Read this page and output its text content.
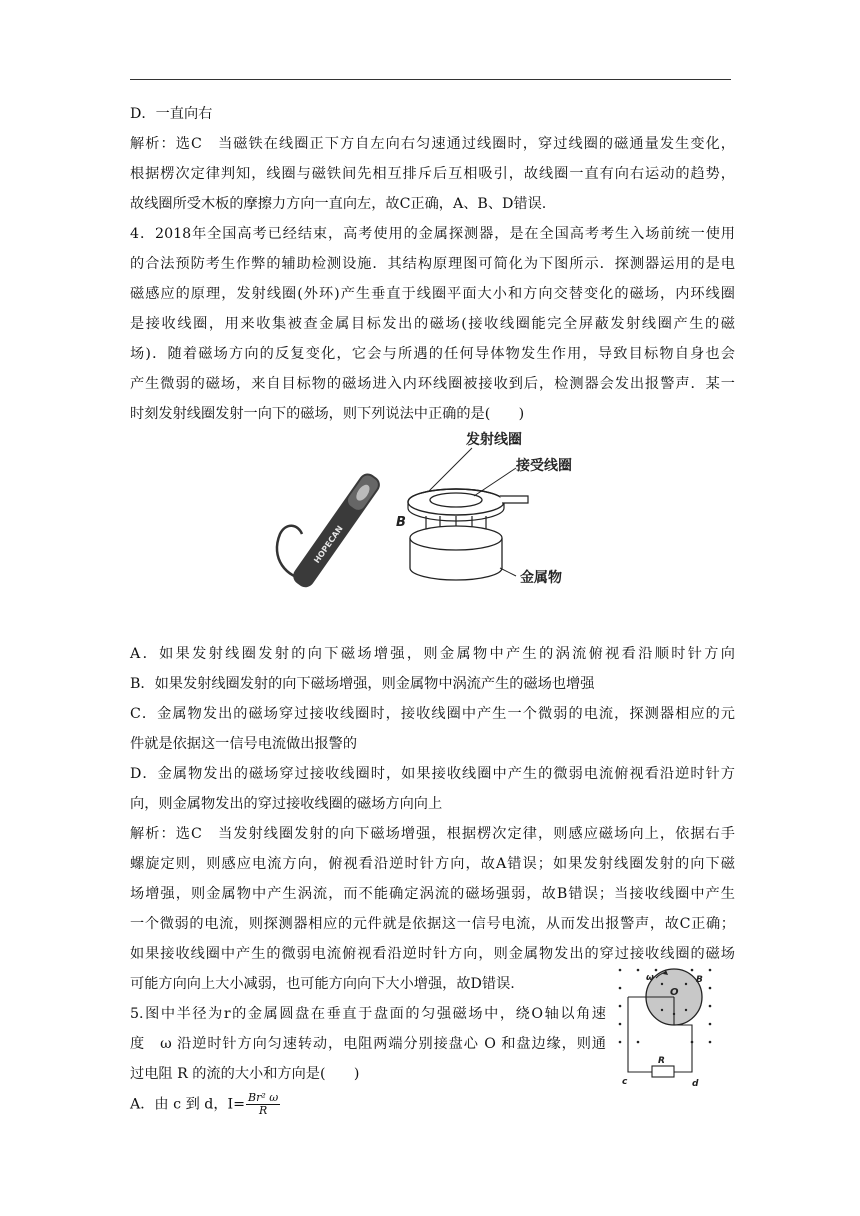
D．一直向右
解析：选C　当磁铁在线圈正下方自左向右匀速通过线圈时，穿过线圈的磁通量发生变化，
根据楞次定律判知，线圈与磁铁间先相互排斥后互相吸引，故线圈一直有向右运动的趋势，
故线圈所受木板的摩擦力方向一直向左，故C正确，A、B、D错误.
4．2018年全国高考已经结束，高考使用的金属探测器，是在全国高考考生入场前统一使用
的合法预防考生作弊的辅助检测设施．其结构原理图可简化为下图所示．探测器运用的是电
磁感应的原理，发射线圈(外环)产生垂直于线圈平面大小和方向交替变化的磁场，内环线圈
是接收线圈，用来收集被查金属目标发出的磁场(接收线圈能完全屏蔽发射线圈产生的磁
场)．随着磁场方向的反复变化，它会与所遇的任何导体物发生作用，导致目标物自身也会
产生微弱的磁场，来自目标物的磁场进入内环线圈被接收到后，检测器会发出报警声．某一
时刻发射线圈发射一向下的磁场，则下列说法中正确的是(　　)
HOPECAN
发射线圈
接受线圈
B
金属物
A．如果发射线圈发射的向下磁场增强，则金属物中产生的涡流俯视看沿顺时针方向
B．如果发射线圈发射的向下磁场增强，则金属物中涡流产生的磁场也增强
C．金属物发出的磁场穿过接收线圈时，接收线圈中产生一个微弱的电流，探测器相应的元
件就是依据这一信号电流做出报警的
D．金属物发出的磁场穿过接收线圈时，如果接收线圈中产生的微弱电流俯视看沿逆时针方
向，则金属物发出的穿过接收线圈的磁场方向向上
解析：选C　当发射线圈发射的向下磁场增强，根据楞次定律，则感应磁场向上，依据右手
螺旋定则，则感应电流方向，俯视看沿逆时针方向，故A错误；如果发射线圈发射的向下磁
场增强，则金属物中产生涡流，而不能确定涡流的磁场强弱，故B错误；当接收线圈中产生
一个微弱的电流，则探测器相应的元件就是依据这一信号电流，从而发出报警声，故C正确；
如果接收线圈中产生的微弱电流俯视看沿逆时针方向，则金属物发出的穿过接收线圈的磁场
可能方向向上大小减弱，也可能方向向下大小增强，故D错误.
5.图中半径为r的金属圆盘在垂直于盘面的匀强磁场中，绕O轴以角速
度　ω 沿逆时针方向匀速转动，电阻两端分别接盘心 O 和盘边缘，则通
过电阻 R 的流的大小和方向是(　　)
A．由 c 到 d，$I= \frac{\text{Br² ω}}{R}$
ω
O
B
R
c	d
